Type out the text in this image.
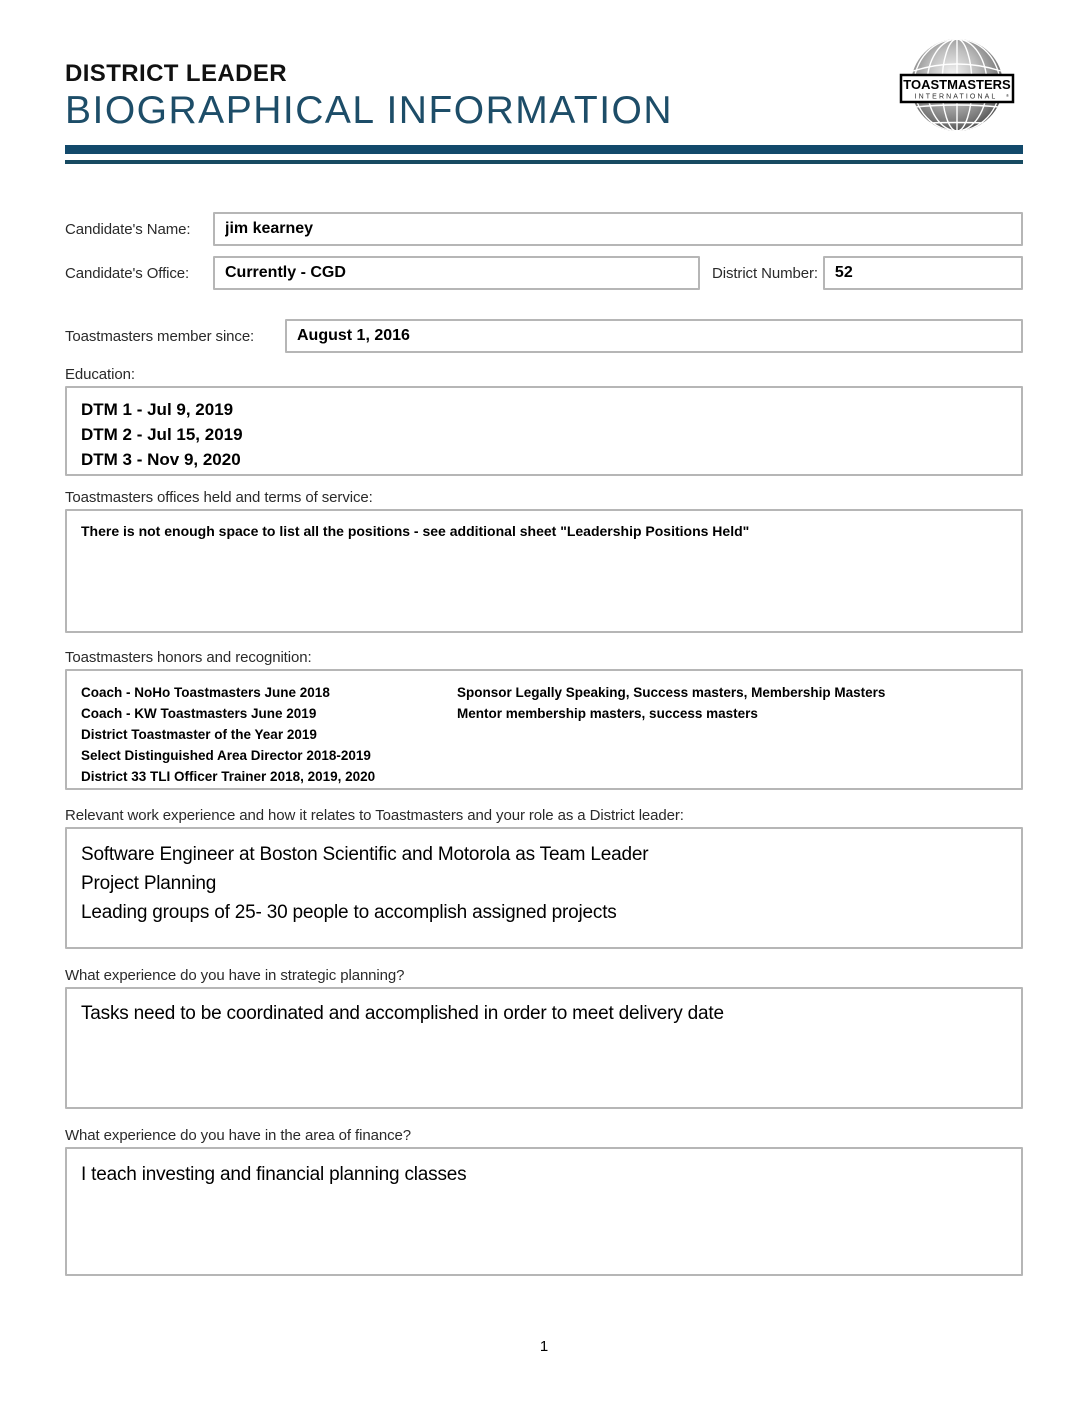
TOASTMASTERS
INTERNATIONAL ®
DISTRICT LEADER
BIOGRAPHICAL INFORMATION
Candidate's Name:
jim kearney
Candidate's Office:
Currently - CGD	District Number:
52
Toastmasters member since:
August 1, 2016
Education:
DTM 1 - Jul 9, 2019
DTM 2 - Jul 15, 2019
DTM 3 - Nov 9, 2020
Toastmasters offices held and terms of service:
There is not enough space to list all the positions - see additional sheet "Leadership Positions Held"
Toastmasters honors and recognition:
Coach - NoHo Toastmasters June 2018
Coach - KW Toastmasters June 2019
District Toastmaster of the Year 2019
Select Distinguished Area Director 2018-2019
District 33 TLI Officer Trainer 2018, 2019, 2020
Sponsor Legally Speaking, Success masters, Membership Masters
Mentor membership masters, success masters
Relevant work experience and how it relates to Toastmasters and your role as a District leader:
Software Engineer at Boston Scientific and Motorola as Team Leader
Project Planning
Leading groups of 25- 30 people to accomplish assigned projects
What experience do you have in strategic planning?
Tasks need to be coordinated and accomplished in order to meet delivery date
What experience do you have in the area of finance?
I teach investing and financial planning classes
1
